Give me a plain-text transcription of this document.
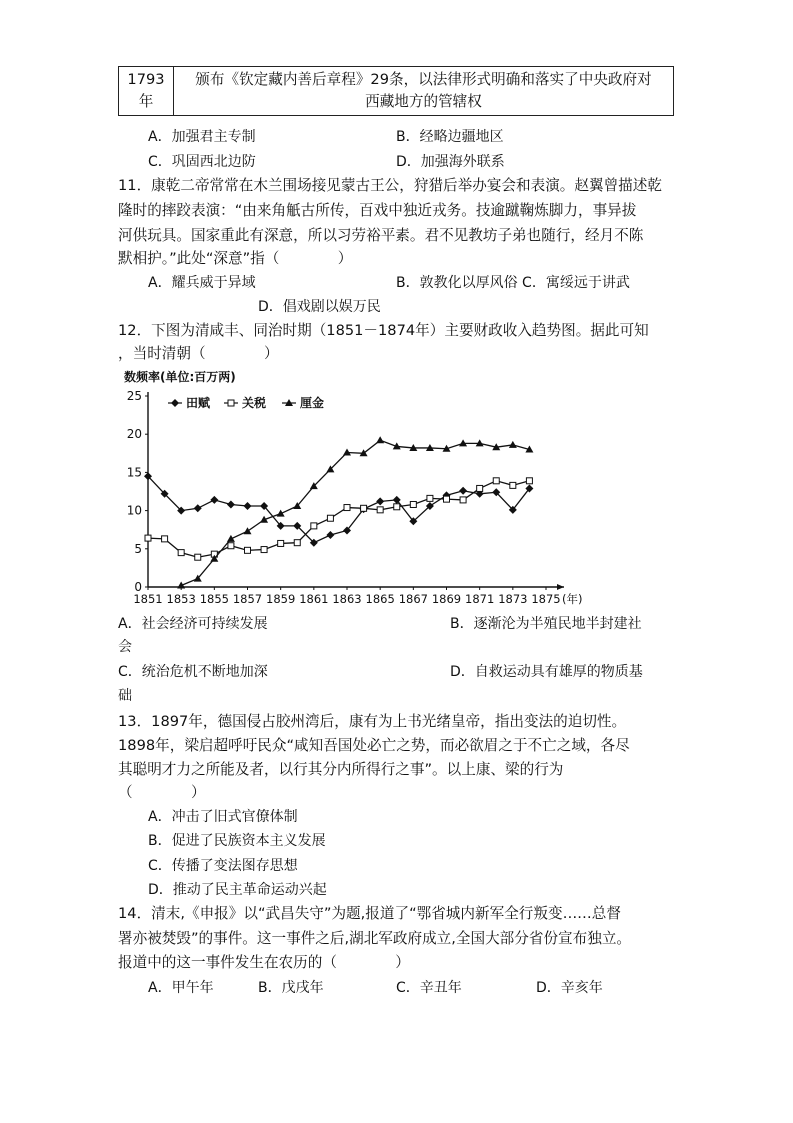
1793
年

颁布《钦定藏内善后章程》29条，以法律形式明确和落实了中央政府对
西藏地方的管辖权
A．加强君主专制	B．经略边疆地区
C．巩固西北边防	D．加强海外联系
11．康乾二帝常常在木兰围场接见蒙古王公，狩猎后举办宴会和表演。赵翼曾描述乾
隆时的摔跤表演：“由来角觗古所传，百戏中独近戎务。技逾蹴鞠炼脚力，事异拔
河供玩具。国家重此有深意，所以习劳裕平素。君不见教坊子弟也随行，经月不陈
默相护。”此处“深意”指（　　　　）
A．耀兵威于异域	B．敦教化以厚风俗 C．寓绥远于讲武
D．倡戏剧以娱万民
12．下图为清咸丰、同治时期（1851－1874年）主要财政收入趋势图。据此可知
，当时清朝（　　　　）
数频率(单位:百万两)
0
5
10
15
20
25
1851 1853 1855 1857 1859 1861 1863 1865 1867 1869 1871 1873 1875 (年)
田赋	关税	厘金
A．社会经济可持续发展	B．逐渐沦为半殖民地半封建社
会
C．统治危机不断地加深	D．自救运动具有雄厚的物质基
础
13．1897年，德国侵占胶州湾后，康有为上书光绪皇帝，指出变法的迫切性。
1898年，梁启超呼吁民众“咸知吾国处必亡之势，而必欲眉之于不亡之域，各尽
其聪明才力之所能及者，以行其分内所得行之事”。以上康、梁的行为
（　　　　）
A．冲击了旧式官僚体制
B．促进了民族资本主义发展
C．传播了变法图存思想
D．推动了民主革命运动兴起
14．清末,《申报》以“武昌失守”为题,报道了“鄂省城内新军全行叛变……总督
署亦被焚毁”的事件。这一事件之后,湖北军政府成立,全国大部分省份宣布独立。
报道中的这一事件发生在农历的（　　　　）
A．甲午年	B．戊戌年	C．辛丑年	D．辛亥年
